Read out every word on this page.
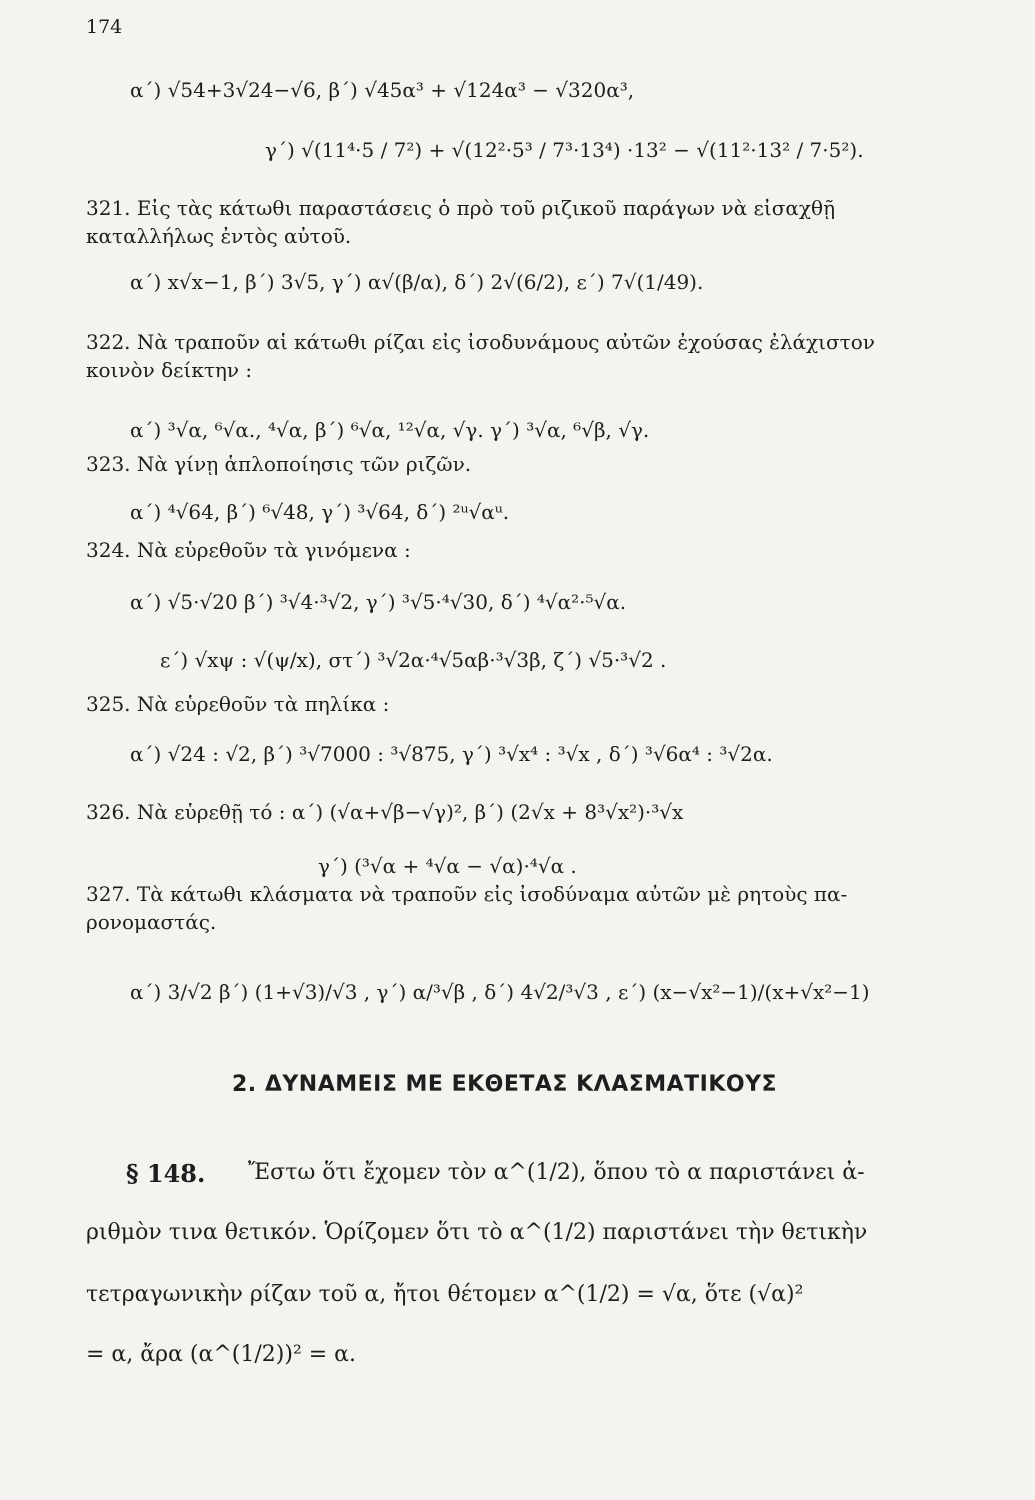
174
α΄) √54+3√24−√6, β΄) √45α³ + √124α³ − √320α³,
γ΄) √(11⁴·5 / 7²) + √(12²·5³ / 7³·13⁴) ·13² − √(11²·13² / 7·5²).
321. Εἰς τὰς κάτωθι παραστάσεις ὁ πρὸ τοῦ ριζικοῦ παράγων νὰ εἰσαχθῇ
καταλλήλως ἐντὸς αὐτοῦ.
α΄) x√x−1, β΄) 3√5, γ΄) α√(β/α), δ΄) 2√(6/2), ε΄) 7√(1/49).
322. Νὰ τραποῦν αἱ κάτωθι ρίζαι εἰς ἰσοδυνάμους αὐτῶν ἐχούσας ἐλάχιστον
κοινὸν δείκτην :
α΄) ³√α, ⁶√α., ⁴√α, β΄) ⁶√α, ¹²√α, √γ. γ΄) ³√α, ⁶√β, √γ.
323. Νὰ γίνῃ ἁπλοποίησις τῶν ριζῶν.
α΄) ⁴√64, β΄) ⁶√48, γ΄) ³√64, δ΄) ²ᵘ√αᵘ.
324. Νὰ εὑρεθοῦν τὰ γινόμενα :
α΄) √5·√20 β΄) ³√4·³√2, γ΄) ³√5·⁴√30, δ΄) ⁴√α²·⁵√α.
ε΄) √xψ : √(ψ/x), στ΄) ³√2α·⁴√5αβ·³√3β, ζ΄) √5·³√2 .
325. Νὰ εὑρεθοῦν τὰ πηλίκα :
α΄) √24 : √2, β΄) ³√7000 : ³√875, γ΄) ³√x⁴ : ³√x , δ΄) ³√6α⁴ : ³√2α.
326. Νὰ εὑρεθῇ τό : α΄) (√α+√β−√γ)², β΄) (2√x + 8³√x²)·³√x
γ΄) (³√α + ⁴√α − √α)·⁴√α .
327. Τὰ κάτωθι κλάσματα νὰ τραποῦν εἰς ἰσοδύναμα αὐτῶν μὲ ρητοὺς πα-
ρονομαστάς.
α΄) 3/√2 β΄) (1+√3)/√3 , γ΄) α/³√β , δ΄) 4√2/³√3 , ε΄) (x−√x²−1)/(x+√x²−1)
2. ΔΥΝΑΜΕΙΣ ΜΕ ΕΚΘΕΤΑΣ ΚΛΑΣΜΑΤΙΚΟΥΣ
§ 148. Ἔστω ὅτι ἔχομεν τὸν α^(1/2), ὅπου τὸ α παριστάνει ἀ-
ριθμὸν τινα θετικόν. Ὁρίζομεν ὅτι τὸ α^(1/2) παριστάνει τὴν θετικὴν
τετραγωνικὴν ρίζαν τοῦ α, ἤτοι θέτομεν α^(1/2) = √α, ὅτε (√α)²
= α, ἄρα (α^(1/2))² = α.
